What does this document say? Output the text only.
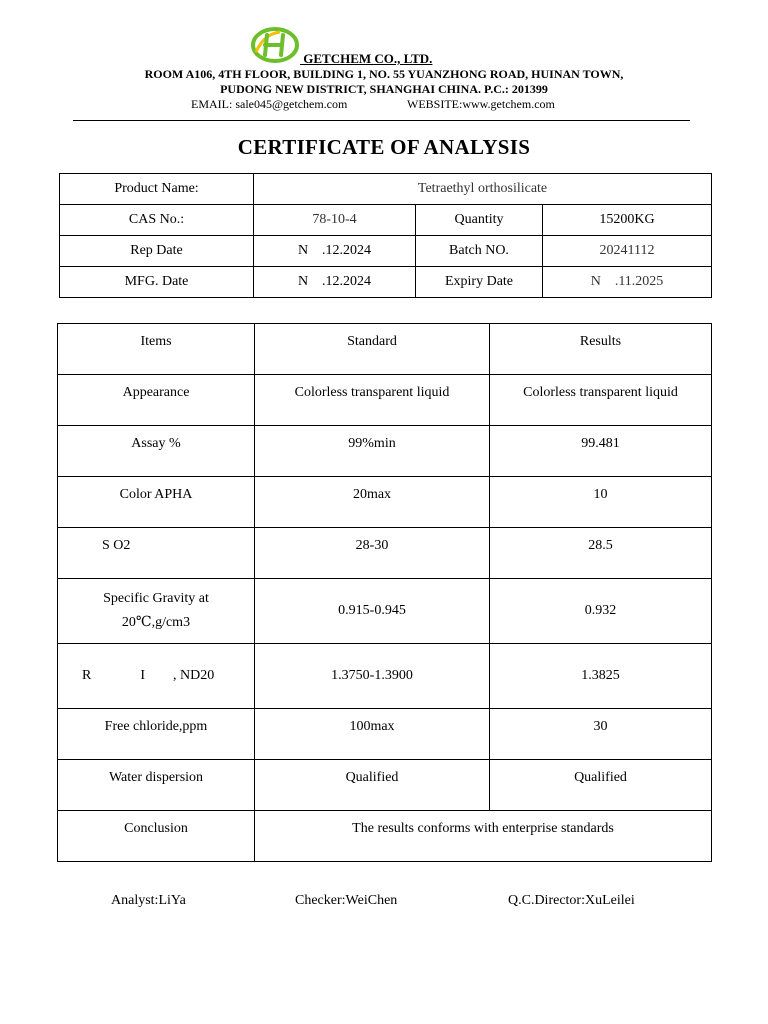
GETCHEM CO., LTD.
ROOM A106, 4TH FLOOR, BUILDING 1, NO. 55 YUANZHONG ROAD, HUINAN TOWN,
PUDONG NEW DISTRICT, SHANGHAI CHINA. P.C.: 201399
EMAIL: sale045@getchem.com	WEBSITE:www.getchem.com
CERTIFICATE OF ANALYSIS
Product Name:	Tetraethyl orthosilicate		
CAS No.:	78-10-4	Quantity	15200KG
Rep Date	N    .12.2024	Batch NO.	20241112
MFG. Date	N    .12.2024	Expiry Date	N    .11.2025
Items	Standard	Results
Appearance	Colorless transparent liquid	Colorless transparent liquid
Assay %	99%min	99.481
Color APHA	20max	10
S O2	28-30	28.5
Specific Gravity at
20℃,g/cm3	0.915-0.945	0.932
R              I        , ND20	1.3750-1.3900	1.3825
Free chloride,ppm	100max	30
Water dispersion	Qualified	Qualified
Conclusion	The results conforms with enterprise standards	
Analyst:LiYa	Checker:WeiChen	Q.C.Director:XuLeilei
